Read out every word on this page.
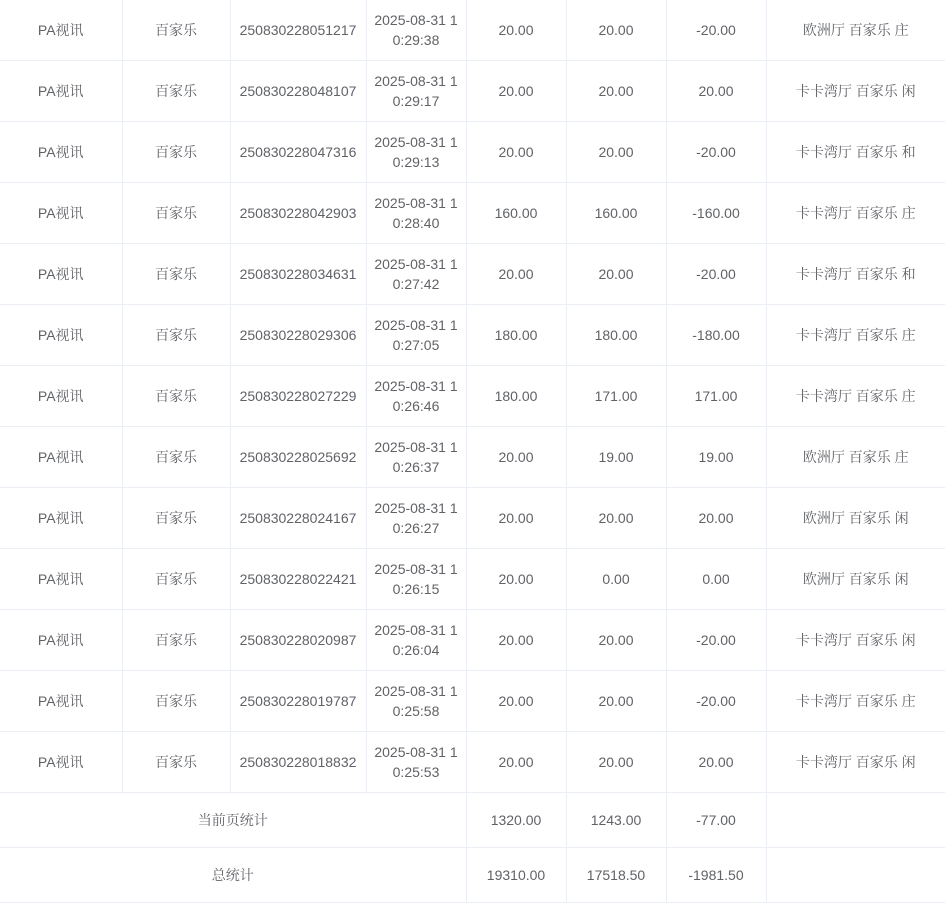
PA视讯	百家乐	250830228051217	2025-08-31 10:29:38	20.00	20.00	-20.00	欧洲厅 百家乐 庄
PA视讯	百家乐	250830228048107	2025-08-31 10:29:17	20.00	20.00	20.00	卡卡湾厅 百家乐 闲
PA视讯	百家乐	250830228047316	2025-08-31 10:29:13	20.00	20.00	-20.00	卡卡湾厅 百家乐 和
PA视讯	百家乐	250830228042903	2025-08-31 10:28:40	160.00	160.00	-160.00	卡卡湾厅 百家乐 庄
PA视讯	百家乐	250830228034631	2025-08-31 10:27:42	20.00	20.00	-20.00	卡卡湾厅 百家乐 和
PA视讯	百家乐	250830228029306	2025-08-31 10:27:05	180.00	180.00	-180.00	卡卡湾厅 百家乐 庄
PA视讯	百家乐	250830228027229	2025-08-31 10:26:46	180.00	171.00	171.00	卡卡湾厅 百家乐 庄
PA视讯	百家乐	250830228025692	2025-08-31 10:26:37	20.00	19.00	19.00	欧洲厅 百家乐 庄
PA视讯	百家乐	250830228024167	2025-08-31 10:26:27	20.00	20.00	20.00	欧洲厅 百家乐 闲
PA视讯	百家乐	250830228022421	2025-08-31 10:26:15	20.00	0.00	0.00	欧洲厅 百家乐 闲
PA视讯	百家乐	250830228020987	2025-08-31 10:26:04	20.00	20.00	-20.00	卡卡湾厅 百家乐 闲
PA视讯	百家乐	250830228019787	2025-08-31 10:25:58	20.00	20.00	-20.00	卡卡湾厅 百家乐 庄
PA视讯	百家乐	250830228018832	2025-08-31 10:25:53	20.00	20.00	20.00	卡卡湾厅 百家乐 闲
当前页统计				1320.00	1243.00	-77.00	
总统计				19310.00	17518.50	-1981.50	
